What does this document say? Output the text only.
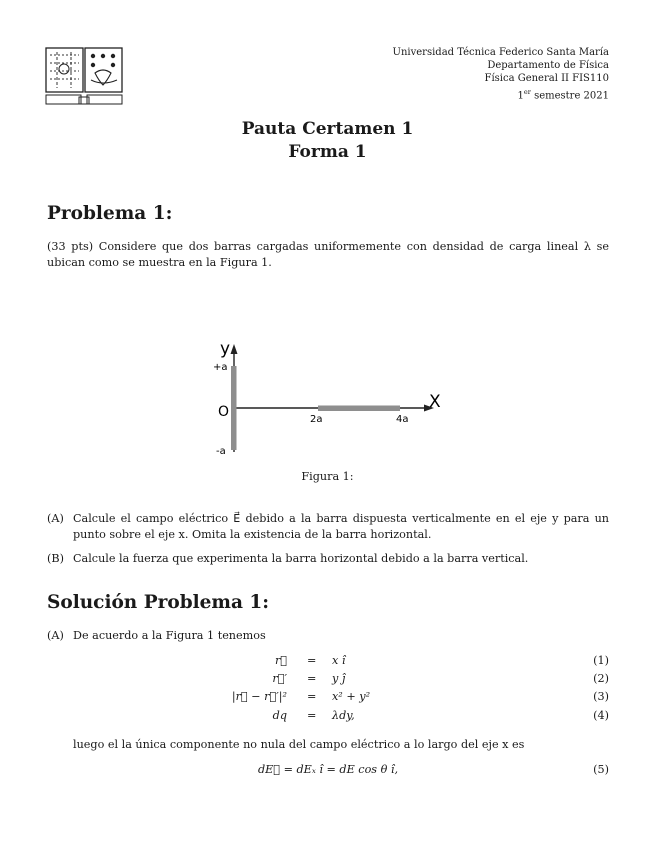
Universidad Técnica Federico Santa María
Departamento de Física
Física General II FIS110
1er semestre 2021
Pauta Certamen 1
Forma 1
Problema 1:
(33 pts) Considere que dos barras cargadas uniformemente con densidad de carga lineal λ se ubican como se muestra en la Figura 1.
y
X
O
+a
-a
2a	4a
Figura 1:
(A) Calcule el campo eléctrico E⃗ debido a la barra dispuesta verticalmente en el eje y para un punto sobre el eje x. Omita la existencia de la barra horizontal.
(B) Calcule la fuerza que experimenta la barra horizontal debido a la barra vertical.
Solución Problema 1:
(A) De acuerdo a la Figura 1 tenemos
r⃗ = x î	(1)
r⃗′ = y ĵ	(2)
|r⃗ − r⃗′|² = x² + y²	(3)
dq = λdy,	(4)
luego el la única componente no nula del campo eléctrico a lo largo del eje x es
dE⃗ = dEₓ î = dE cos θ î,	(5)
